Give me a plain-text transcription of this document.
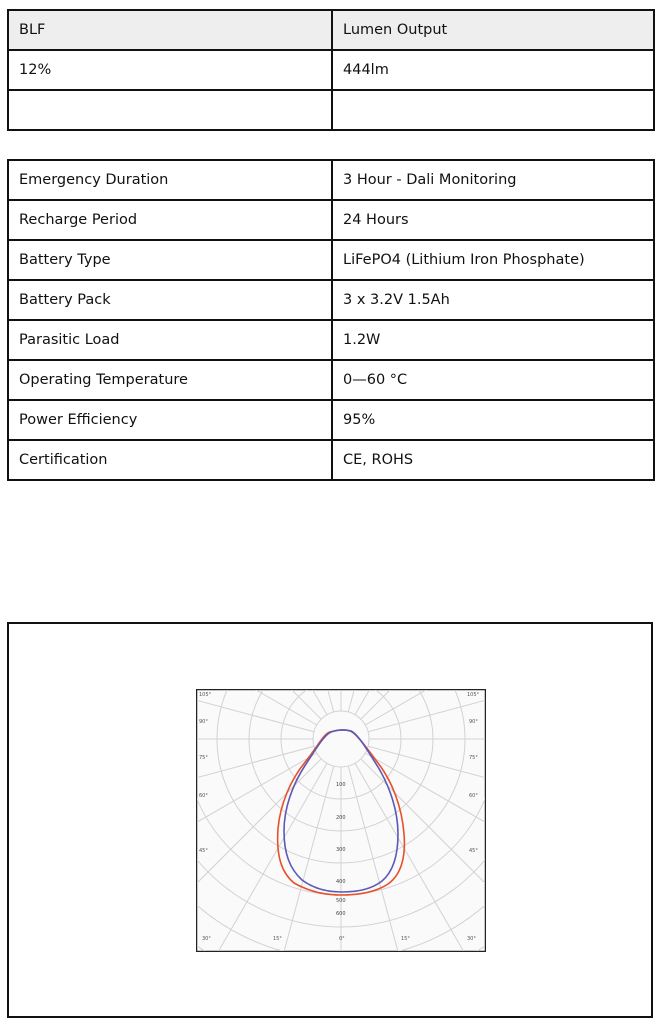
BLF	Lumen Output
12%	444lm

Emergency Duration	3 Hour - Dali Monitoring
Recharge Period	24 Hours
Battery Type	LiFePO4 (Lithium Iron Phosphate)
Battery Pack	3 x 3.2V 1.5Ah
Parasitic Load	1.2W
Operating Temperature	0—60 °C
Power Efficiency	95%
Certification	CE, ROHS
105°
90°
75°
60°
45°
30°
105°
90°
75°
60°
45°
30°
15°	0°	15°
100
200
300
400
500
600
